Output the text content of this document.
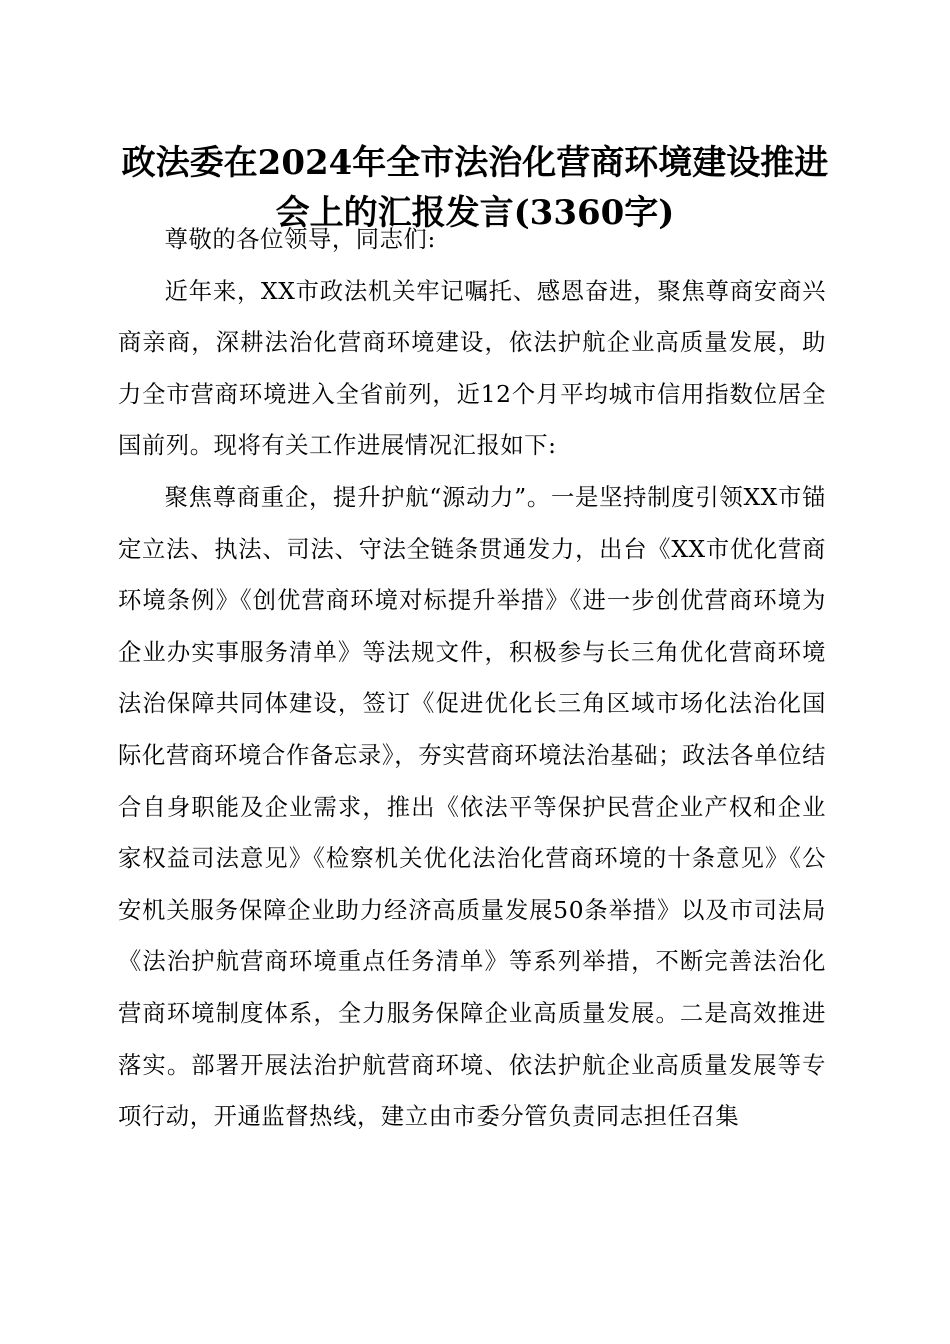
政法委在2024年全市法治化营商环境建设推进会上的汇报发言(3360字)

尊敬的各位领导，同志们:

近年来，XX市政法机关牢记嘱托、感恩奋进，聚焦尊商安商兴商亲商，深耕法治化营商环境建设，依法护航企业高质量发展，助力全市营商环境进入全省前列，近12个月平均城市信用指数位居全国前列。现将有关工作进展情况汇报如下:

聚焦尊商重企，提升护航“源动力”。一是坚持制度引领XX市锚定立法、执法、司法、守法全链条贯通发力，出台《XX市优化营商环境条例》《创优营商环境对标提升举措》《进一步创优营商环境为企业办实事服务清单》等法规文件，积极参与长三角优化营商环境法治保障共同体建设，签订《促进优化长三角区域市场化法治化国际化营商环境合作备忘录》，夯实营商环境法治基础；政法各单位结合自身职能及企业需求，推出《依法平等保护民营企业产权和企业家权益司法意见》《检察机关优化法治化营商环境的十条意见》《公安机关服务保障企业助力经济高质量发展50条举措》以及市司法局《法治护航营商环境重点任务清单》等系列举措，不断完善法治化营商环境制度体系，全力服务保障企业高质量发展。二是高效推进落实。部署开展法治护航营商环境、依法护航企业高质量发展等专项行动，开通监督热线，建立由市委分管负责同志担任召集
